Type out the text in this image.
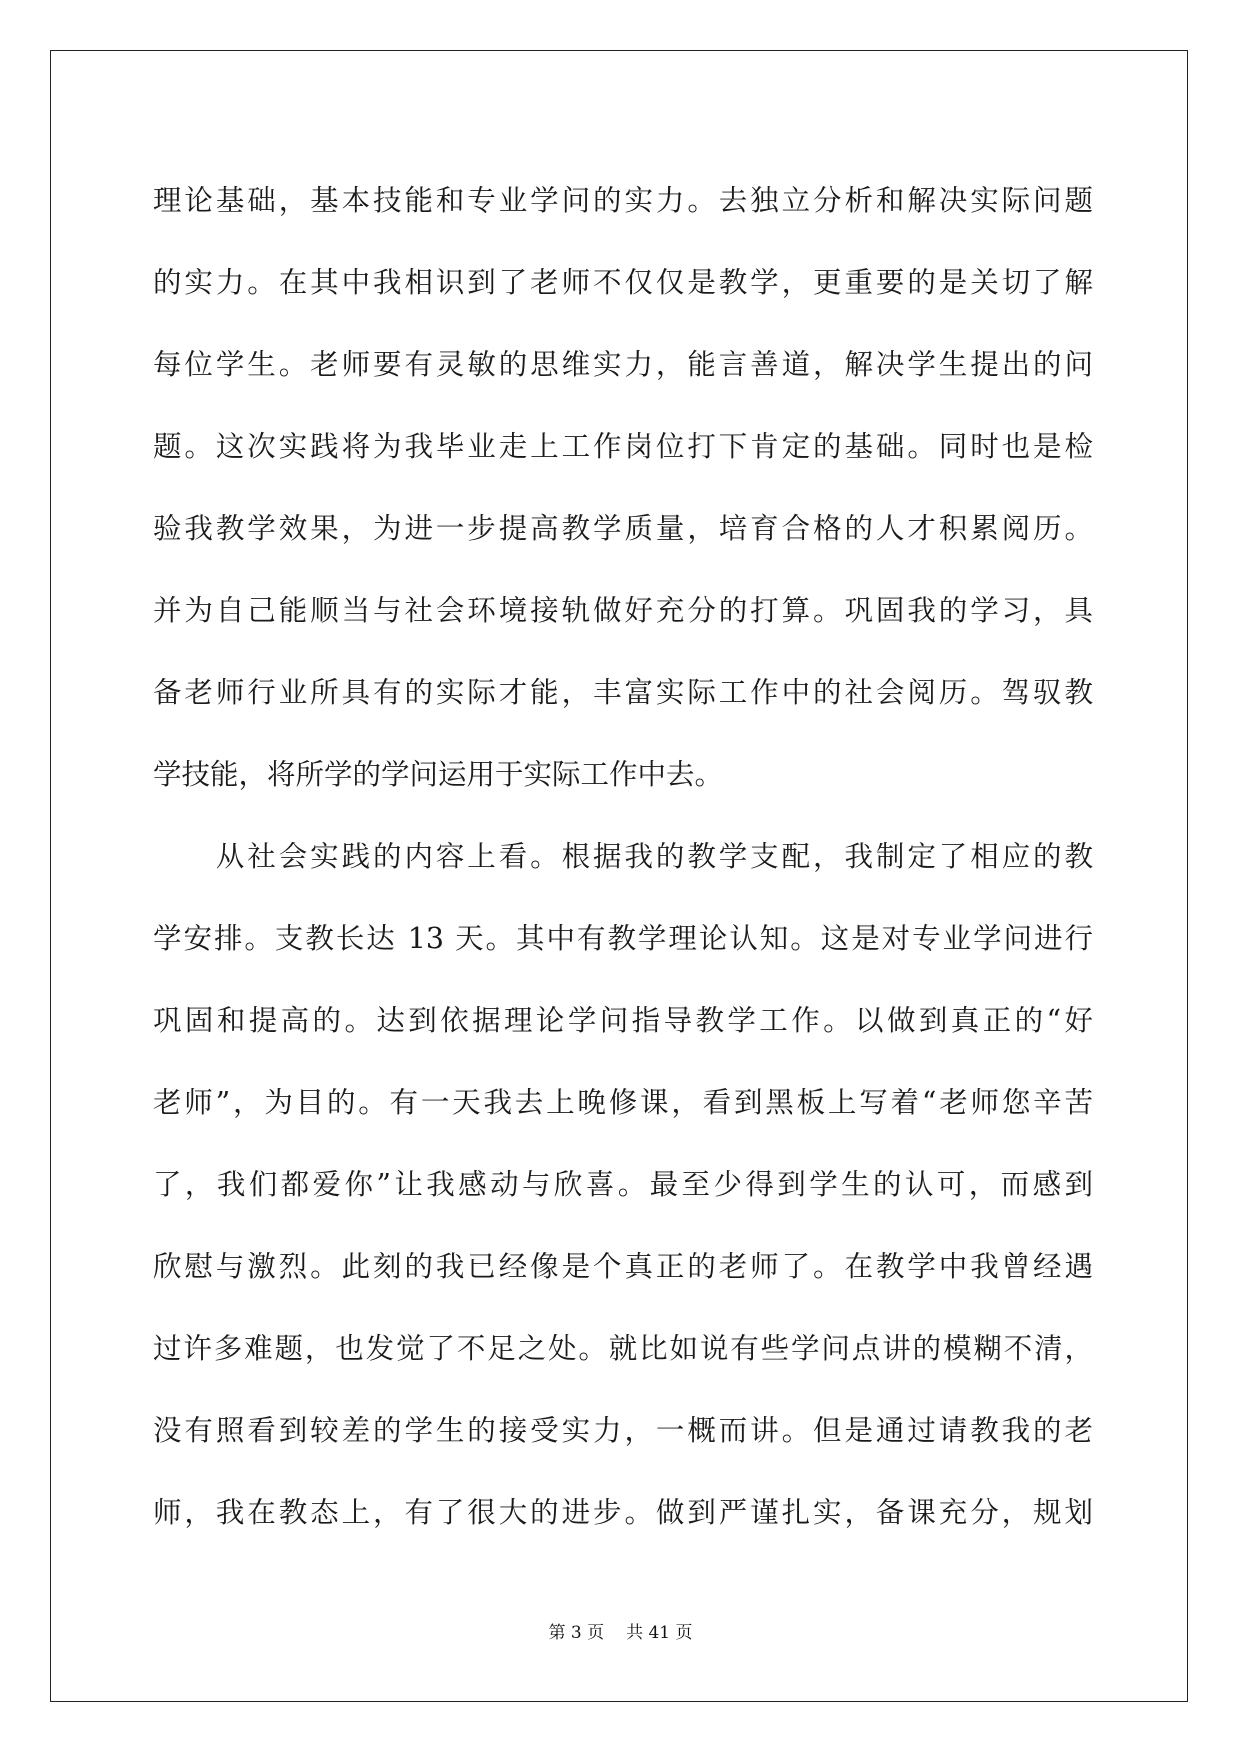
理论基础，基本技能和专业学问的实力。去独立分析和解决实际问题
的实力。在其中我相识到了老师不仅仅是教学，更重要的是关切了解
每位学生。老师要有灵敏的思维实力，能言善道，解决学生提出的问
题。这次实践将为我毕业走上工作岗位打下肯定的基础。同时也是检
验我教学效果，为进一步提高教学质量，培育合格的人才积累阅历。
并为自己能顺当与社会环境接轨做好充分的打算。巩固我的学习，具
备老师行业所具有的实际才能，丰富实际工作中的社会阅历。驾驭教
学技能，将所学的学问运用于实际工作中去。
　　从社会实践的内容上看。根据我的教学支配，我制定了相应的教
学安排。支教长达 13 天。其中有教学理论认知。这是对专业学问进行
巩固和提高的。达到依据理论学问指导教学工作。以做到真正的“好
老师”，为目的。有一天我去上晚修课，看到黑板上写着“老师您辛苦
了，我们都爱你”让我感动与欣喜。最至少得到学生的认可，而感到
欣慰与激烈。此刻的我已经像是个真正的老师了。在教学中我曾经遇
过许多难题，也发觉了不足之处。就比如说有些学问点讲的模糊不清，
没有照看到较差的学生的接受实力，一概而讲。但是通过请教我的老
师，我在教态上，有了很大的进步。做到严谨扎实，备课充分，规划
第 3 页 共 41 页
